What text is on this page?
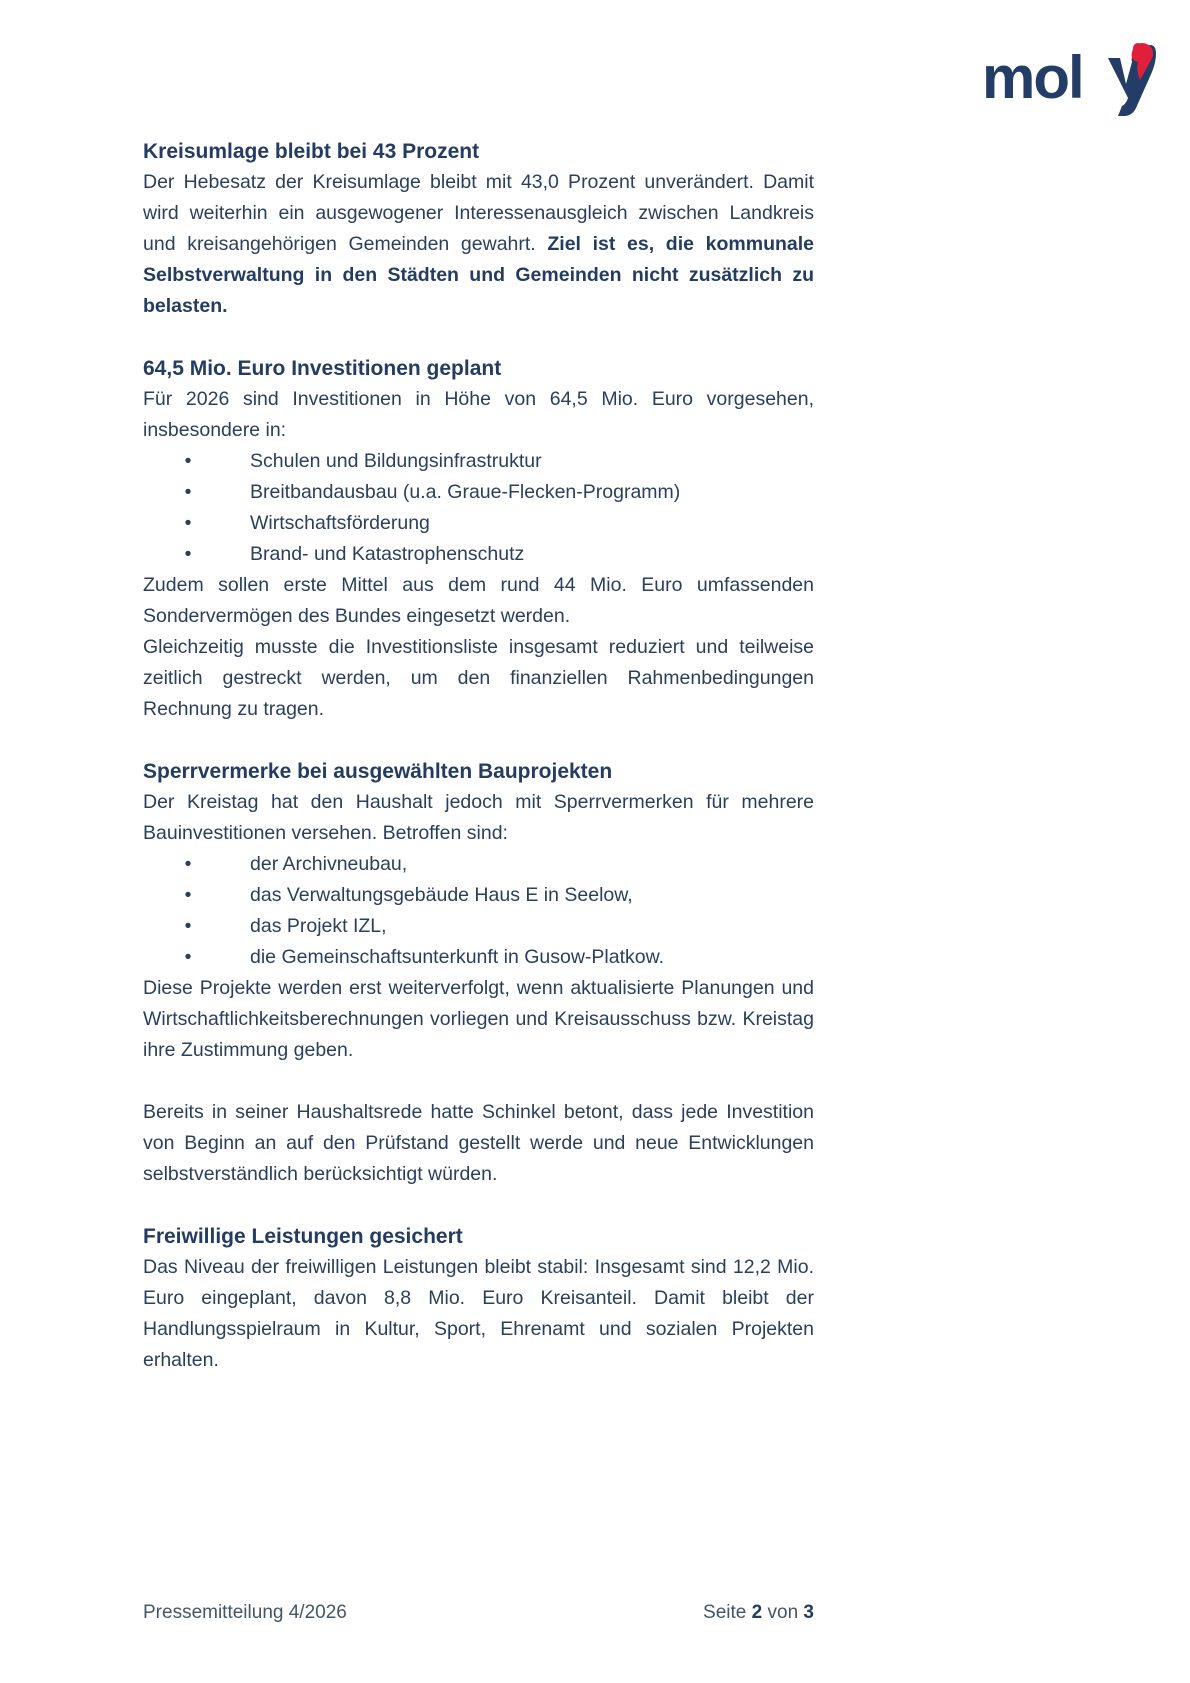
mol
Kreisumlage bleibt bei 43 Prozent

Der Hebesatz der Kreisumlage bleibt mit 43,0 Prozent unverändert. Damit wird weiterhin ein ausgewogener Interessenausgleich zwischen Landkreis und kreisangehörigen Gemeinden gewahrt. Ziel ist es, die kommunale Selbstverwaltung in den Städten und Gemeinden nicht zusätzlich zu belasten.

64,5 Mio. Euro Investitionen geplant

Für 2026 sind Investitionen in Höhe von 64,5 Mio. Euro vorgesehen, insbesondere in:

•	Schulen und Bildungsinfrastruktur
•	Breitbandausbau (u.a. Graue-Flecken-Programm)
•	Wirtschaftsförderung
•	Brand- und Katastrophenschutz

Zudem sollen erste Mittel aus dem rund 44 Mio. Euro umfassenden Sondervermögen des Bundes eingesetzt werden.

Gleichzeitig musste die Investitionsliste insgesamt reduziert und teilweise zeitlich gestreckt werden, um den finanziellen Rahmenbedingungen Rechnung zu tragen.

Sperrvermerke bei ausgewählten Bauprojekten

Der Kreistag hat den Haushalt jedoch mit Sperrvermerken für mehrere Bauinvestitionen versehen. Betroffen sind:

•	der Archivneubau,
•	das Verwaltungsgebäude Haus E in Seelow,
•	das Projekt IZL,
•	die Gemeinschaftsunterkunft in Gusow-Platkow.

Diese Projekte werden erst weiterverfolgt, wenn aktualisierte Planungen und Wirtschaftlichkeitsberechnungen vorliegen und Kreisausschuss bzw. Kreistag ihre Zustimmung geben.

Bereits in seiner Haushaltsrede hatte Schinkel betont, dass jede Investition von Beginn an auf den Prüfstand gestellt werde und neue Entwicklungen selbstverständlich berücksichtigt würden.

Freiwillige Leistungen gesichert

Das Niveau der freiwilligen Leistungen bleibt stabil: Insgesamt sind 12,2 Mio. Euro eingeplant, davon 8,8 Mio. Euro Kreisanteil. Damit bleibt der Handlungsspielraum in Kultur, Sport, Ehrenamt und sozialen Projekten erhalten.

Pressemitteilung 4/2026	Seite 2 von 3
